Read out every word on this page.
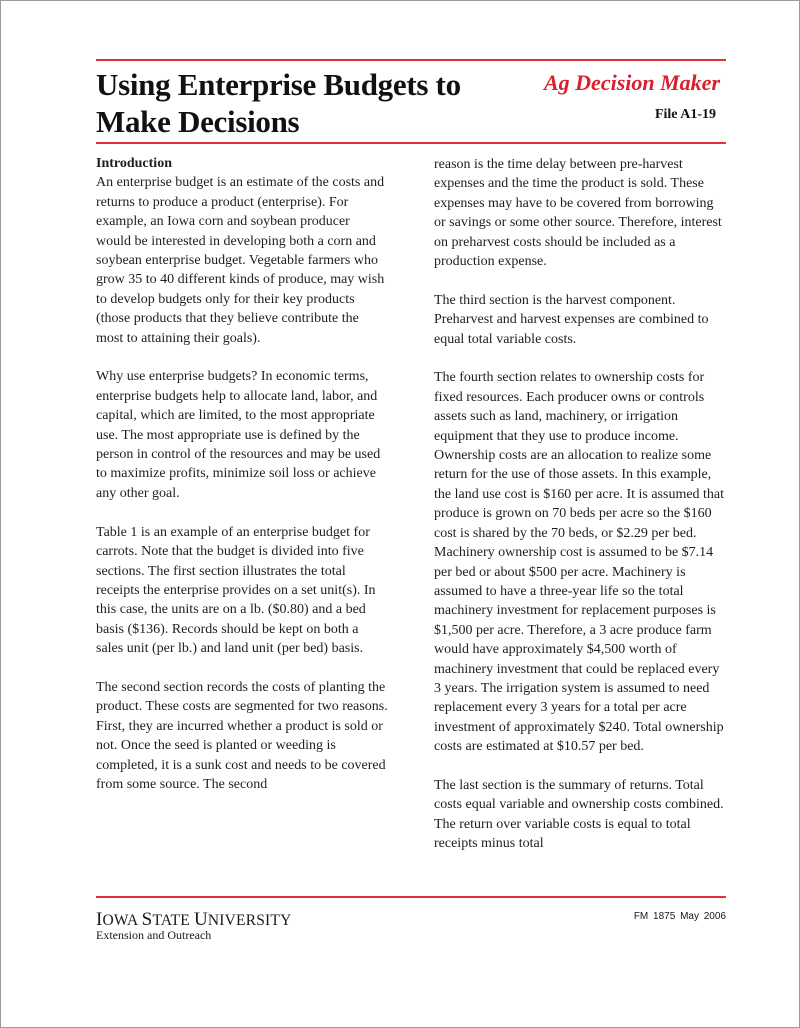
Using Enterprise Budgets to Make Decisions
Ag Decision Maker
File A1-19

Introduction
An enterprise budget is an estimate of the costs and returns to produce a product (enterprise). For example, an Iowa corn and soybean producer would be interested in developing both a corn and soybean enterprise budget. Vegetable farmers who grow 35 to 40 different kinds of produce, may wish to develop budgets only for their key products (those products that they believe contribute the most to attaining their goals).

Why use enterprise budgets? In economic terms, enterprise budgets help to allocate land, labor, and capital, which are limited, to the most appropriate use. The most appropriate use is defined by the person in control of the resources and may be used to maximize profits, minimize soil loss or achieve any other goal.

Table 1 is an example of an enterprise budget for carrots. Note that the budget is divided into five sections. The first section illustrates the total receipts the enterprise provides on a set unit(s). In this case, the units are on a lb. ($0.80) and a bed basis ($136). Records should be kept on both a sales unit (per lb.) and land unit (per bed) basis.

The second section records the costs of planting the product. These costs are segmented for two reasons. First, they are incurred whether a product is sold or not. Once the seed is planted or weeding is completed, it is a sunk cost and needs to be covered from some source. The second

reason is the time delay between pre-harvest expenses and the time the product is sold. These expenses may have to be covered from borrowing or savings or some other source. Therefore, interest on preharvest costs should be included as a production expense.

The third section is the harvest component. Preharvest and harvest expenses are combined to equal total variable costs.

The fourth section relates to ownership costs for fixed resources. Each producer owns or controls assets such as land, machinery, or irrigation equipment that they use to produce income. Ownership costs are an allocation to realize some return for the use of those assets. In this example, the land use cost is $160 per acre. It is assumed that produce is grown on 70 beds per acre so the $160 cost is shared by the 70 beds, or $2.29 per bed. Machinery ownership cost is assumed to be $7.14 per bed or about $500 per acre. Machinery is assumed to have a three-year life so the total machinery investment for replacement purposes is $1,500 per acre. Therefore, a 3 acre produce farm would have approximately $4,500 worth of machinery investment that could be replaced every 3 years. The irrigation system is assumed to need replacement every 3 years for a total per acre investment of approximately $240. Total ownership costs are estimated at $10.57 per bed.

The last section is the summary of returns. Total costs equal variable and ownership costs combined. The return over variable costs is equal to total receipts minus total

IOWA STATE UNIVERSITY
Extension and Outreach
FM 1875 May 2006
